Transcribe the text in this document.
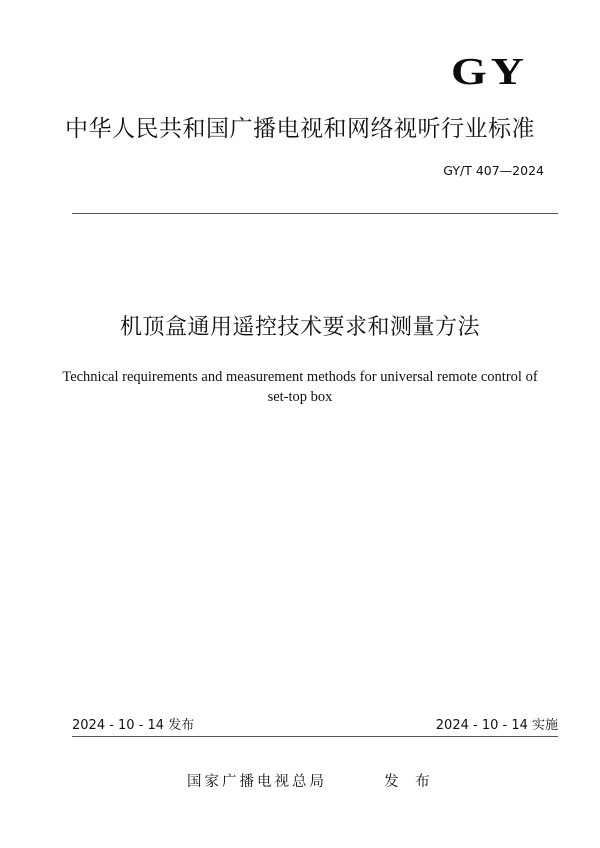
GY
中华人民共和国广播电视和网络视听行业标准
GY/T 407—2024
机顶盒通用遥控技术要求和测量方法
Technical requirements and measurement methods for universal remote control of
set-top box
2024 - 10 - 14 发布	2024 - 10 - 14 实施
国家广播电视总局	发 布
